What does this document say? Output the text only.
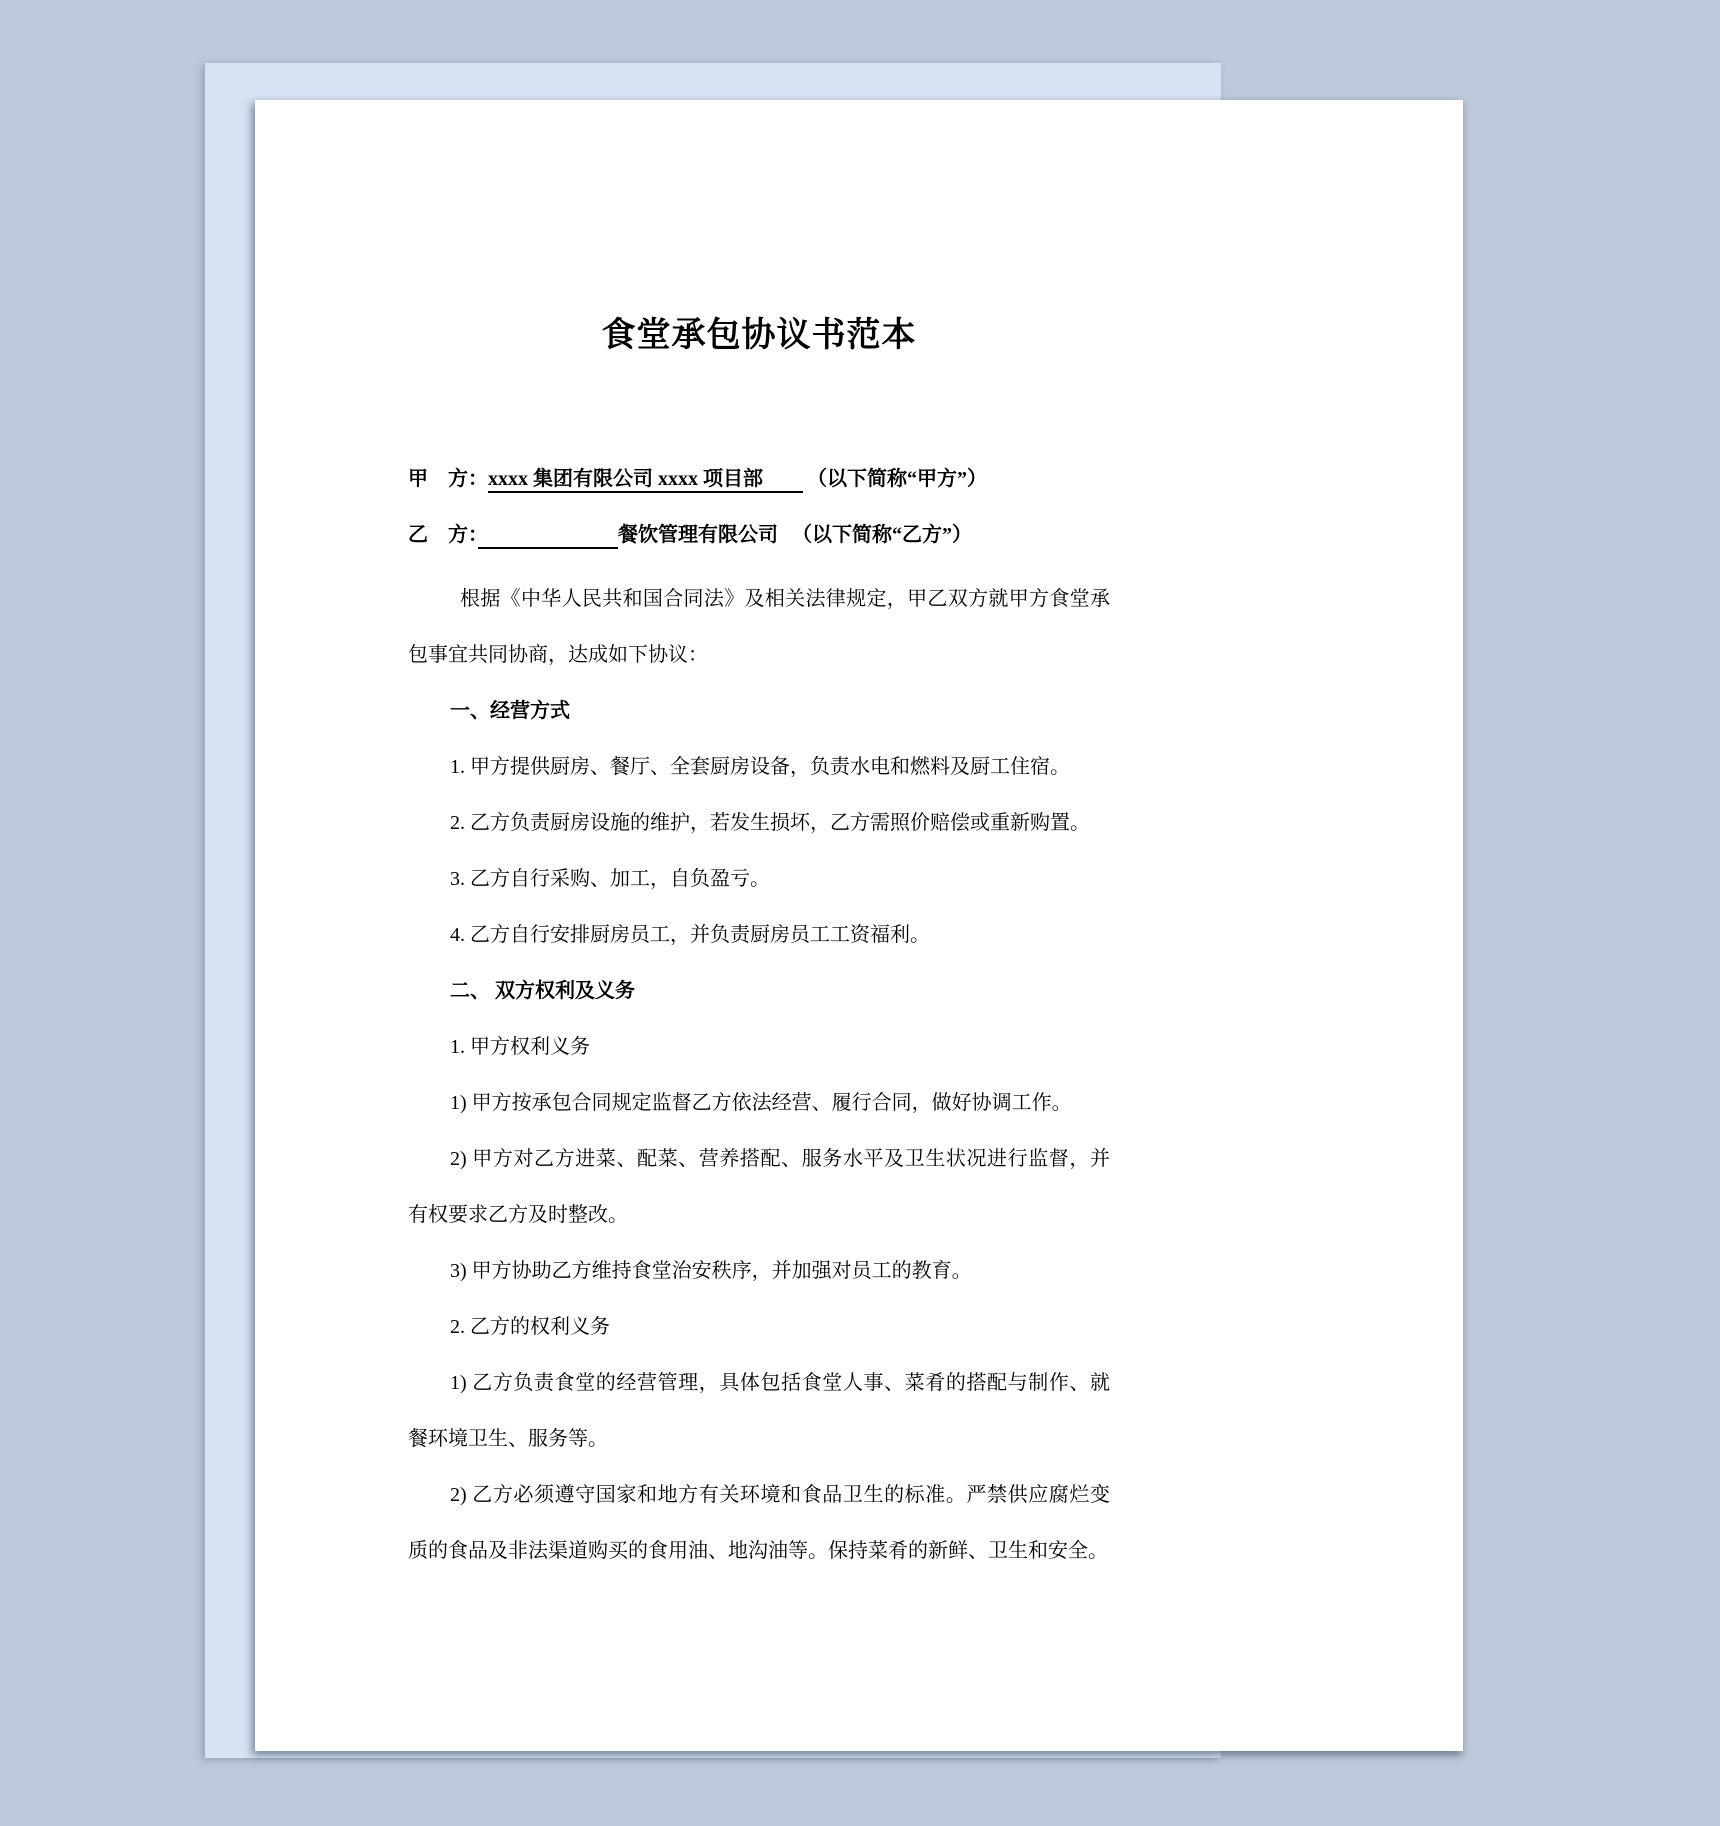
食堂承包协议书范本

甲　方：xxxx 集团有限公司 xxxx 项目部　　	（以下简称“甲方”）

乙　方：　　　　　　　	餐饮管理有限公司 （以下简称“乙方”）

根据《中华人民共和国合同法》及相关法律规定，甲乙双方就甲方食堂承包事宜共同协商，达成如下协议：

一、经营方式

1. 甲方提供厨房、餐厅、全套厨房设备，负责水电和燃料及厨工住宿。

2. 乙方负责厨房设施的维护，若发生损坏，乙方需照价赔偿或重新购置。

3. 乙方自行采购、加工，自负盈亏。

4. 乙方自行安排厨房员工，并负责厨房员工工资福利。

二、 双方权利及义务

1. 甲方权利义务

1) 甲方按承包合同规定监督乙方依法经营、履行合同，做好协调工作。

2) 甲方对乙方进菜、配菜、营养搭配、服务水平及卫生状况进行监督，并有权要求乙方及时整改。

3) 甲方协助乙方维持食堂治安秩序，并加强对员工的教育。

2. 乙方的权利义务

1) 乙方负责食堂的经营管理，具体包括食堂人事、菜肴的搭配与制作、就餐环境卫生、服务等。

2) 乙方必须遵守国家和地方有关环境和食品卫生的标准。严禁供应腐烂变质的食品及非法渠道购买的食用油、地沟油等。保持菜肴的新鲜、卫生和安全。
